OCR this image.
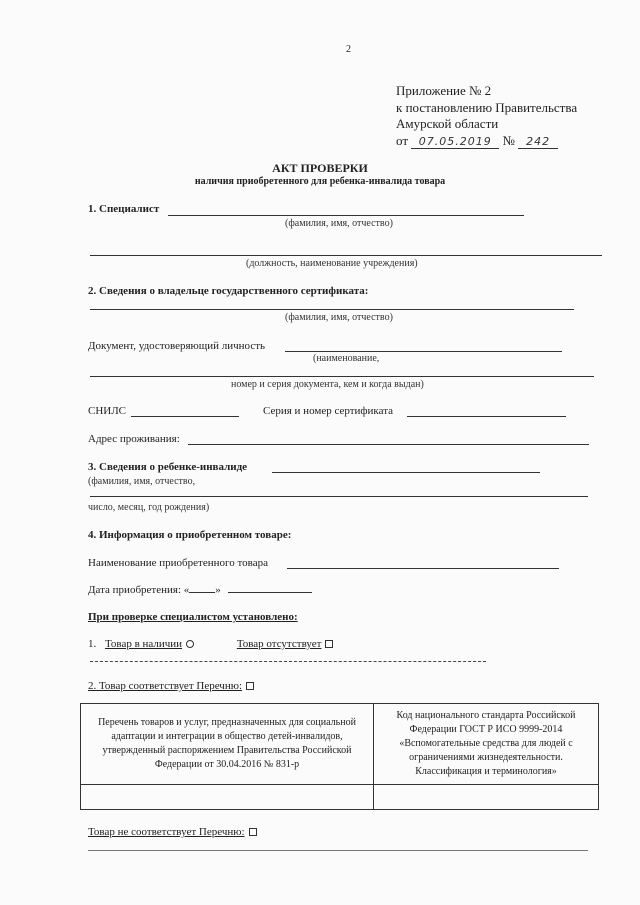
2
Приложение № 2
к постановлению Правительства
Амурской области
от 07.05.2019 № 242
АКТ ПРОВЕРКИ
наличия приобретенного для ребенка-инвалида товара
1. Специалист
(фамилия, имя, отчество)
(должность, наименование учреждения)
2. Сведения о владельце государственного сертификата:
(фамилия, имя, отчество)
Документ, удостоверяющий личность
(наименование,
номер и серия документа, кем и когда выдан)
СНИЛС	Серия и номер сертификата
Адрес проживания:
3. Сведения о ребенке-инвалиде
(фамилия, имя, отчество,
число, месяц, год рождения)
4. Информация о приобретенном товаре:
Наименование приобретенного товара
Дата приобретения: « »
При проверке специалистом установлено:
1. Товар в наличии	Товар отсутствует
2. Товар соответствует Перечню:
Перечень товаров и услуг, предназначенных для социальной адаптации и интеграции в общество детей-инвалидов, утвержденный распоряжением Правительства Российской Федерации от 30.04.2016 № 831-р	Код национального стандарта Российской Федерации ГОСТ Р ИСО 9999-2014 «Вспомогательные средства для людей с ограничениями жизнедеятельности. Классификация и терминология»

Товар не соответствует Перечню:
